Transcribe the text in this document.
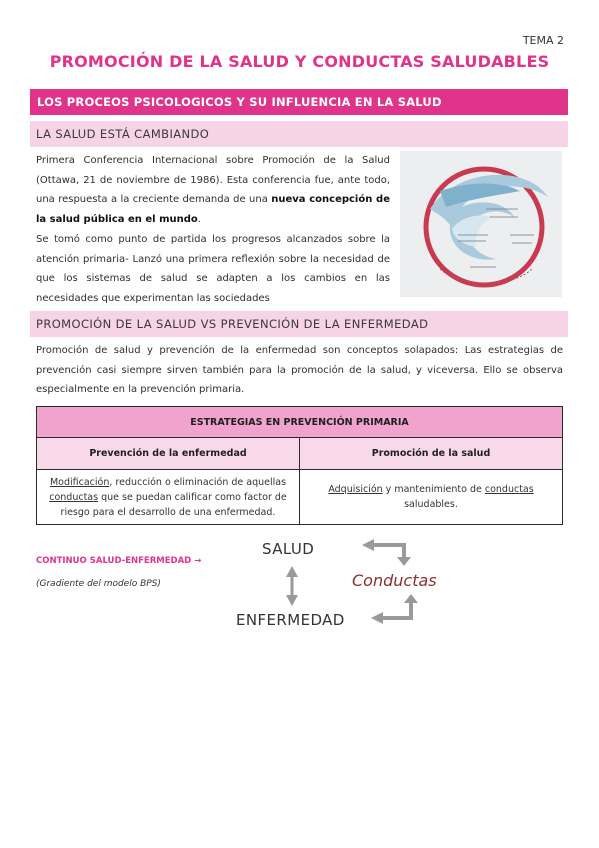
TEMA 2
PROMOCIÓN DE LA SALUD Y CONDUCTAS SALUDABLES
LOS PROCEOS PSICOLOGICOS Y SU INFLUENCIA EN LA SALUD
LA SALUD ESTÁ CAMBIANDO

Primera Conferencia Internacional sobre Promoción de la Salud (Ottawa, 21 de noviembre de 1986). Esta conferencia fue, ante todo, una respuesta a la creciente demanda de una nueva concepción de la salud pública en el mundo.

Se tomó como punto de partida los progresos alcanzados sobre la atención primaria- Lanzó una primera reflexión sobre la necesidad de que los sistemas de salud se adapten a los cambios en las necesidades que experimentan las sociedades

PROMOCIÓN DE LA SALUD VS PREVENCIÓN DE LA ENFERMEDAD

Promoción de salud y prevención de la enfermedad son conceptos solapados: Las estrategias de prevención casi siempre sirven también para la promoción de la salud, y viceversa. Ello se observa especialmente en la prevención primaria.

ESTRATEGIAS EN PREVENCIÓN PRIMARIA	
Prevención de la enfermedad	Promoción de la salud
Modificación, reducción o eliminación de aquellas conductas que se puedan calificar como factor de riesgo para el desarrollo de una enfermedad.	Adquisición y mantenimiento de conductas saludables.
CONTINUO SALUD-ENFERMEDAD →
(Gradiente del modelo BPS)
SALUD
Conductas
ENFERMEDAD
